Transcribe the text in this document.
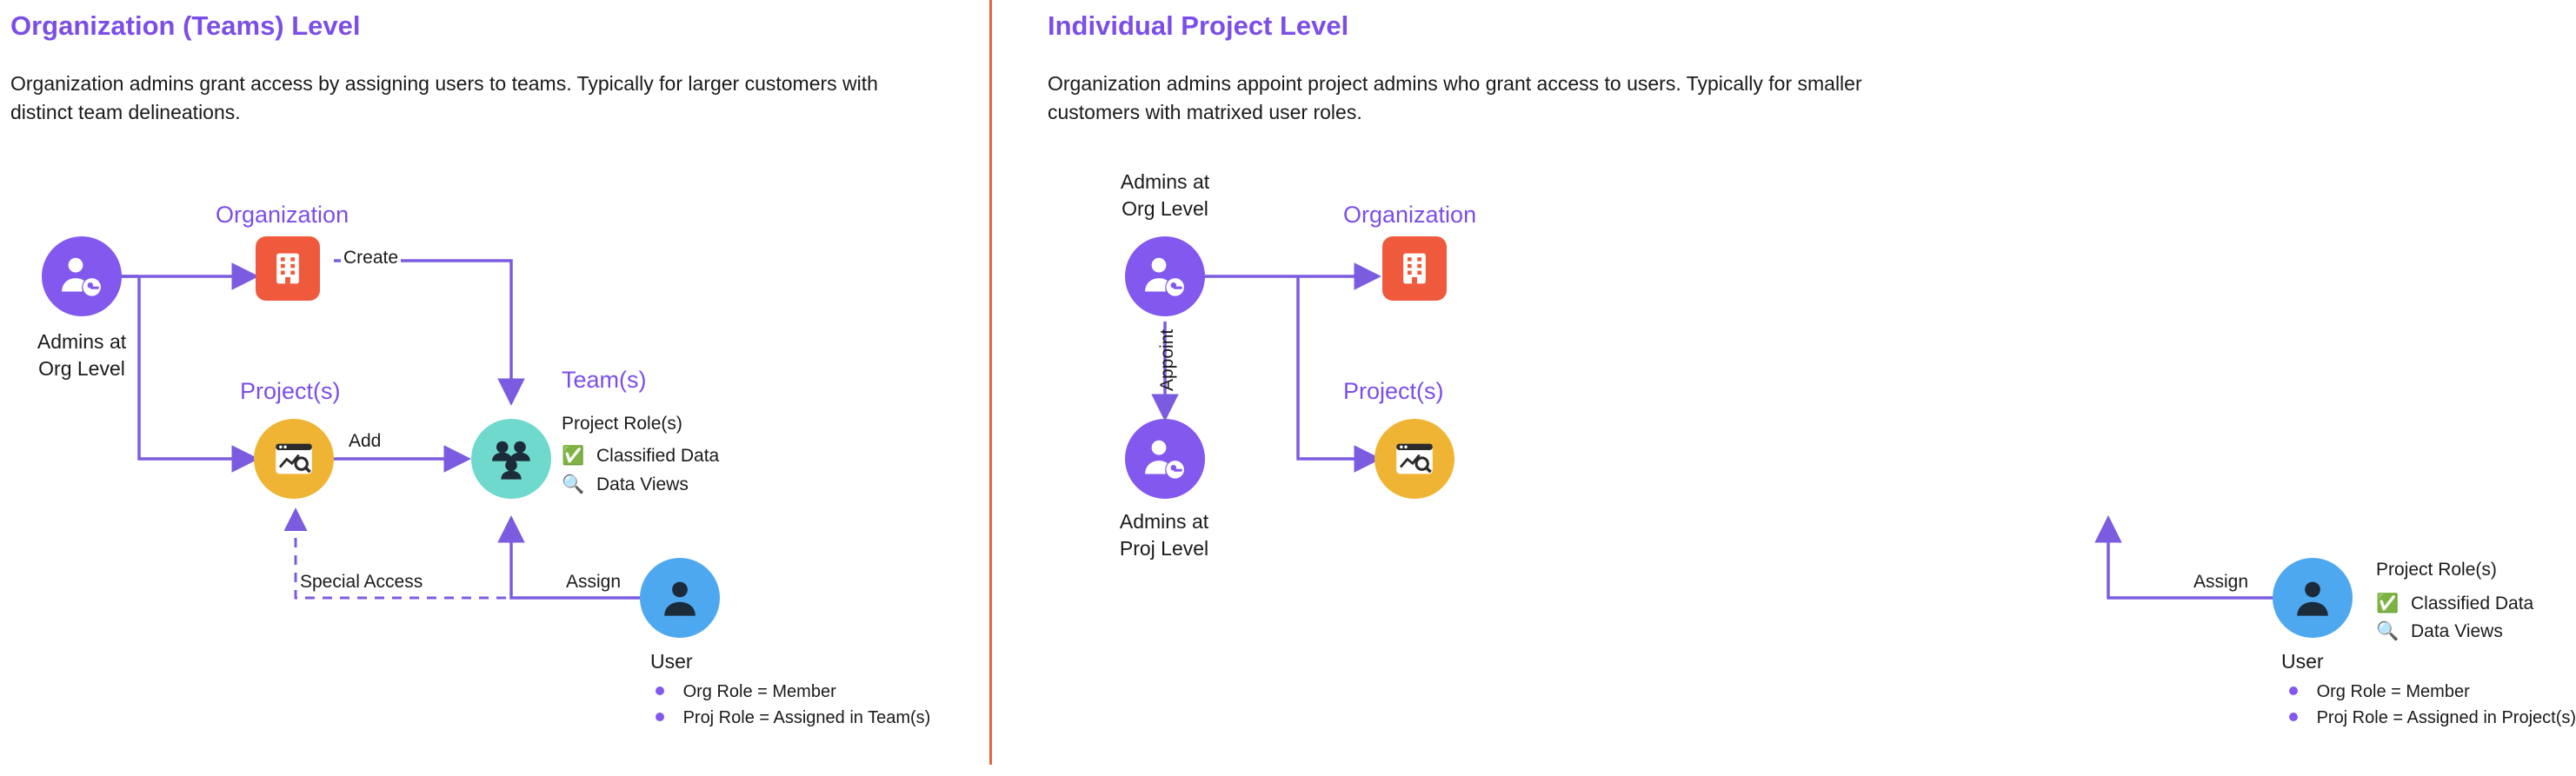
Organization (Teams) Level
Organization admins grant access by assigning users to teams. Typically for larger customers with distinct team delineations.
Admins at
Org Level
Organization
Create
Project(s)
Add
Team(s)
Project Role(s)
✅ Classified Data
🔍 Data Views
User
Assign
Special Access
Org Role = Member
Proj Role = Assigned in Team(s)
Individual Project Level
Organization admins appoint project admins who grant access to users. Typically for smaller customers with matrixed user roles.
Admins at
Org Level
Appoint
Admins at
Proj Level
Organization
Project(s)
User
Assign
Project Role(s)
✅ Classified Data
🔍 Data Views
Org Role = Member
Proj Role = Assigned in Project(s)
